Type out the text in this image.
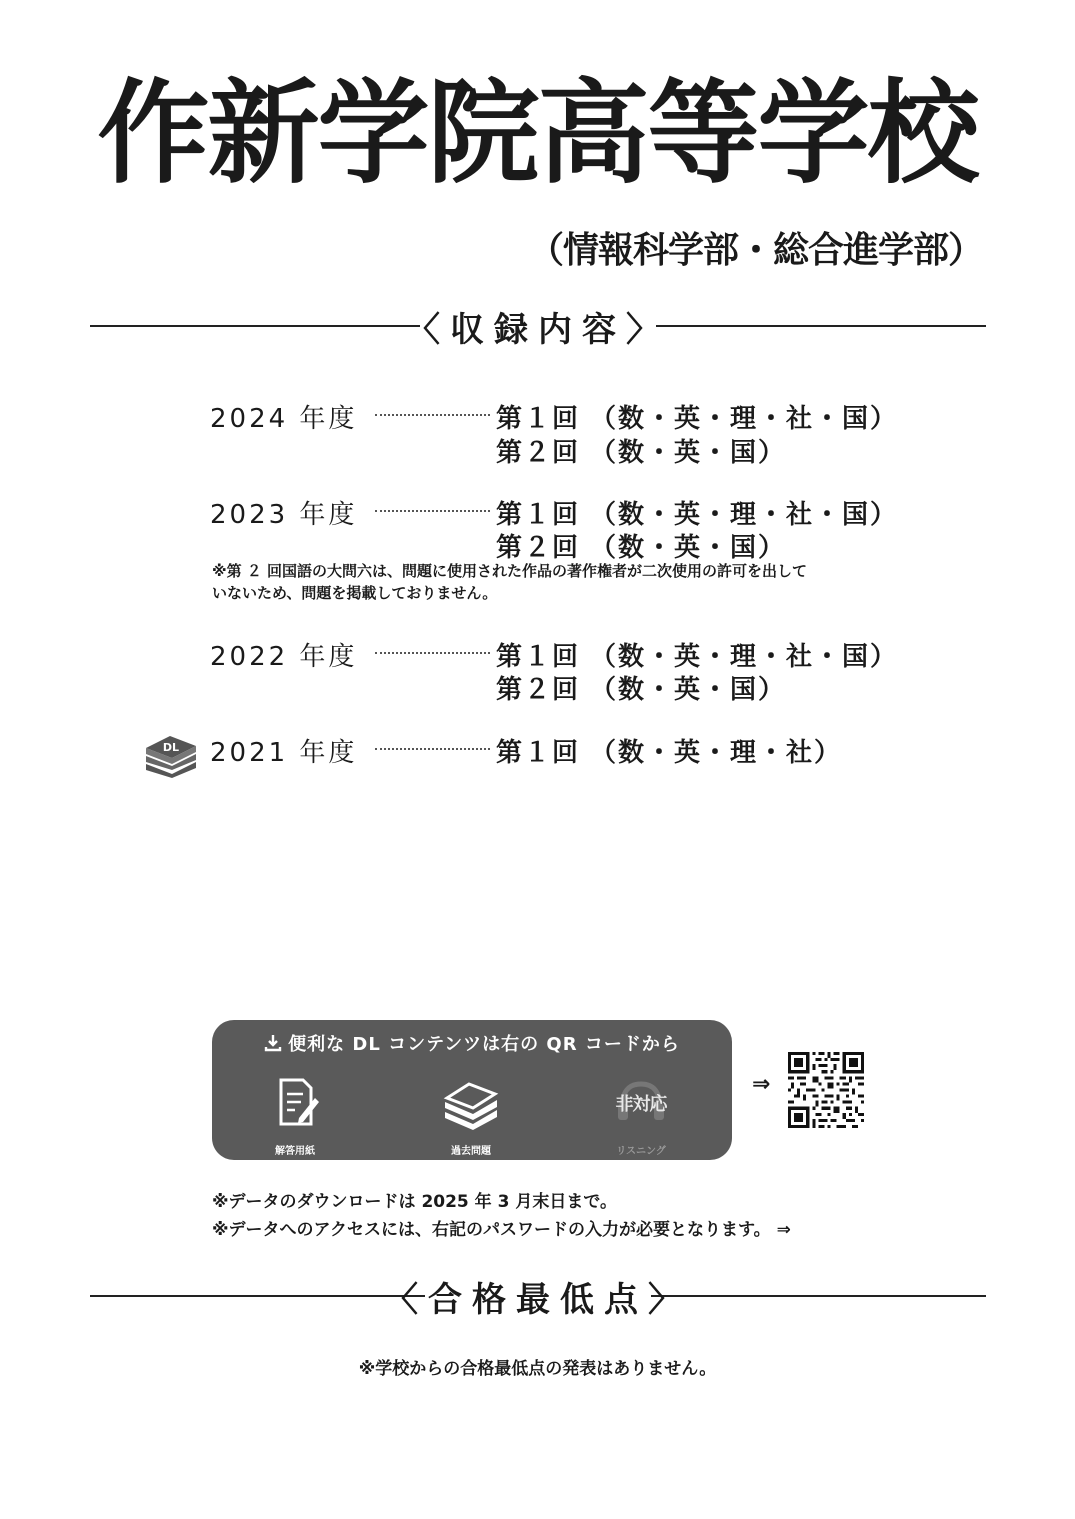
作新学院高等学校
（情報科学部・総合進学部）
〈収録内容〉
2024 年度	第１回 （数・英・理・社・国）
第２回 （数・英・国）
2023 年度	第１回 （数・英・理・社・国）
第２回 （数・英・国）
※第 ２ 回国語の大問六は、問題に使用された作品の著作権者が二次使用の許可を出して
いないため、問題を掲載しておりません。
2022 年度	第１回 （数・英・理・社・国）
第２回 （数・英・国）
DL 2021 年度	第１回 （数・英・理・社）
便利な DL コンテンツは右の QR コードから
解答用紙	過去問題
非対応
リスニング
⇒
※データのダウンロードは 2025 年 3 月末日まで。
※データへのアクセスには、右記のパスワードの入力が必要となります。 ⇒
〈合格最低点〉
※学校からの合格最低点の発表はありません。
